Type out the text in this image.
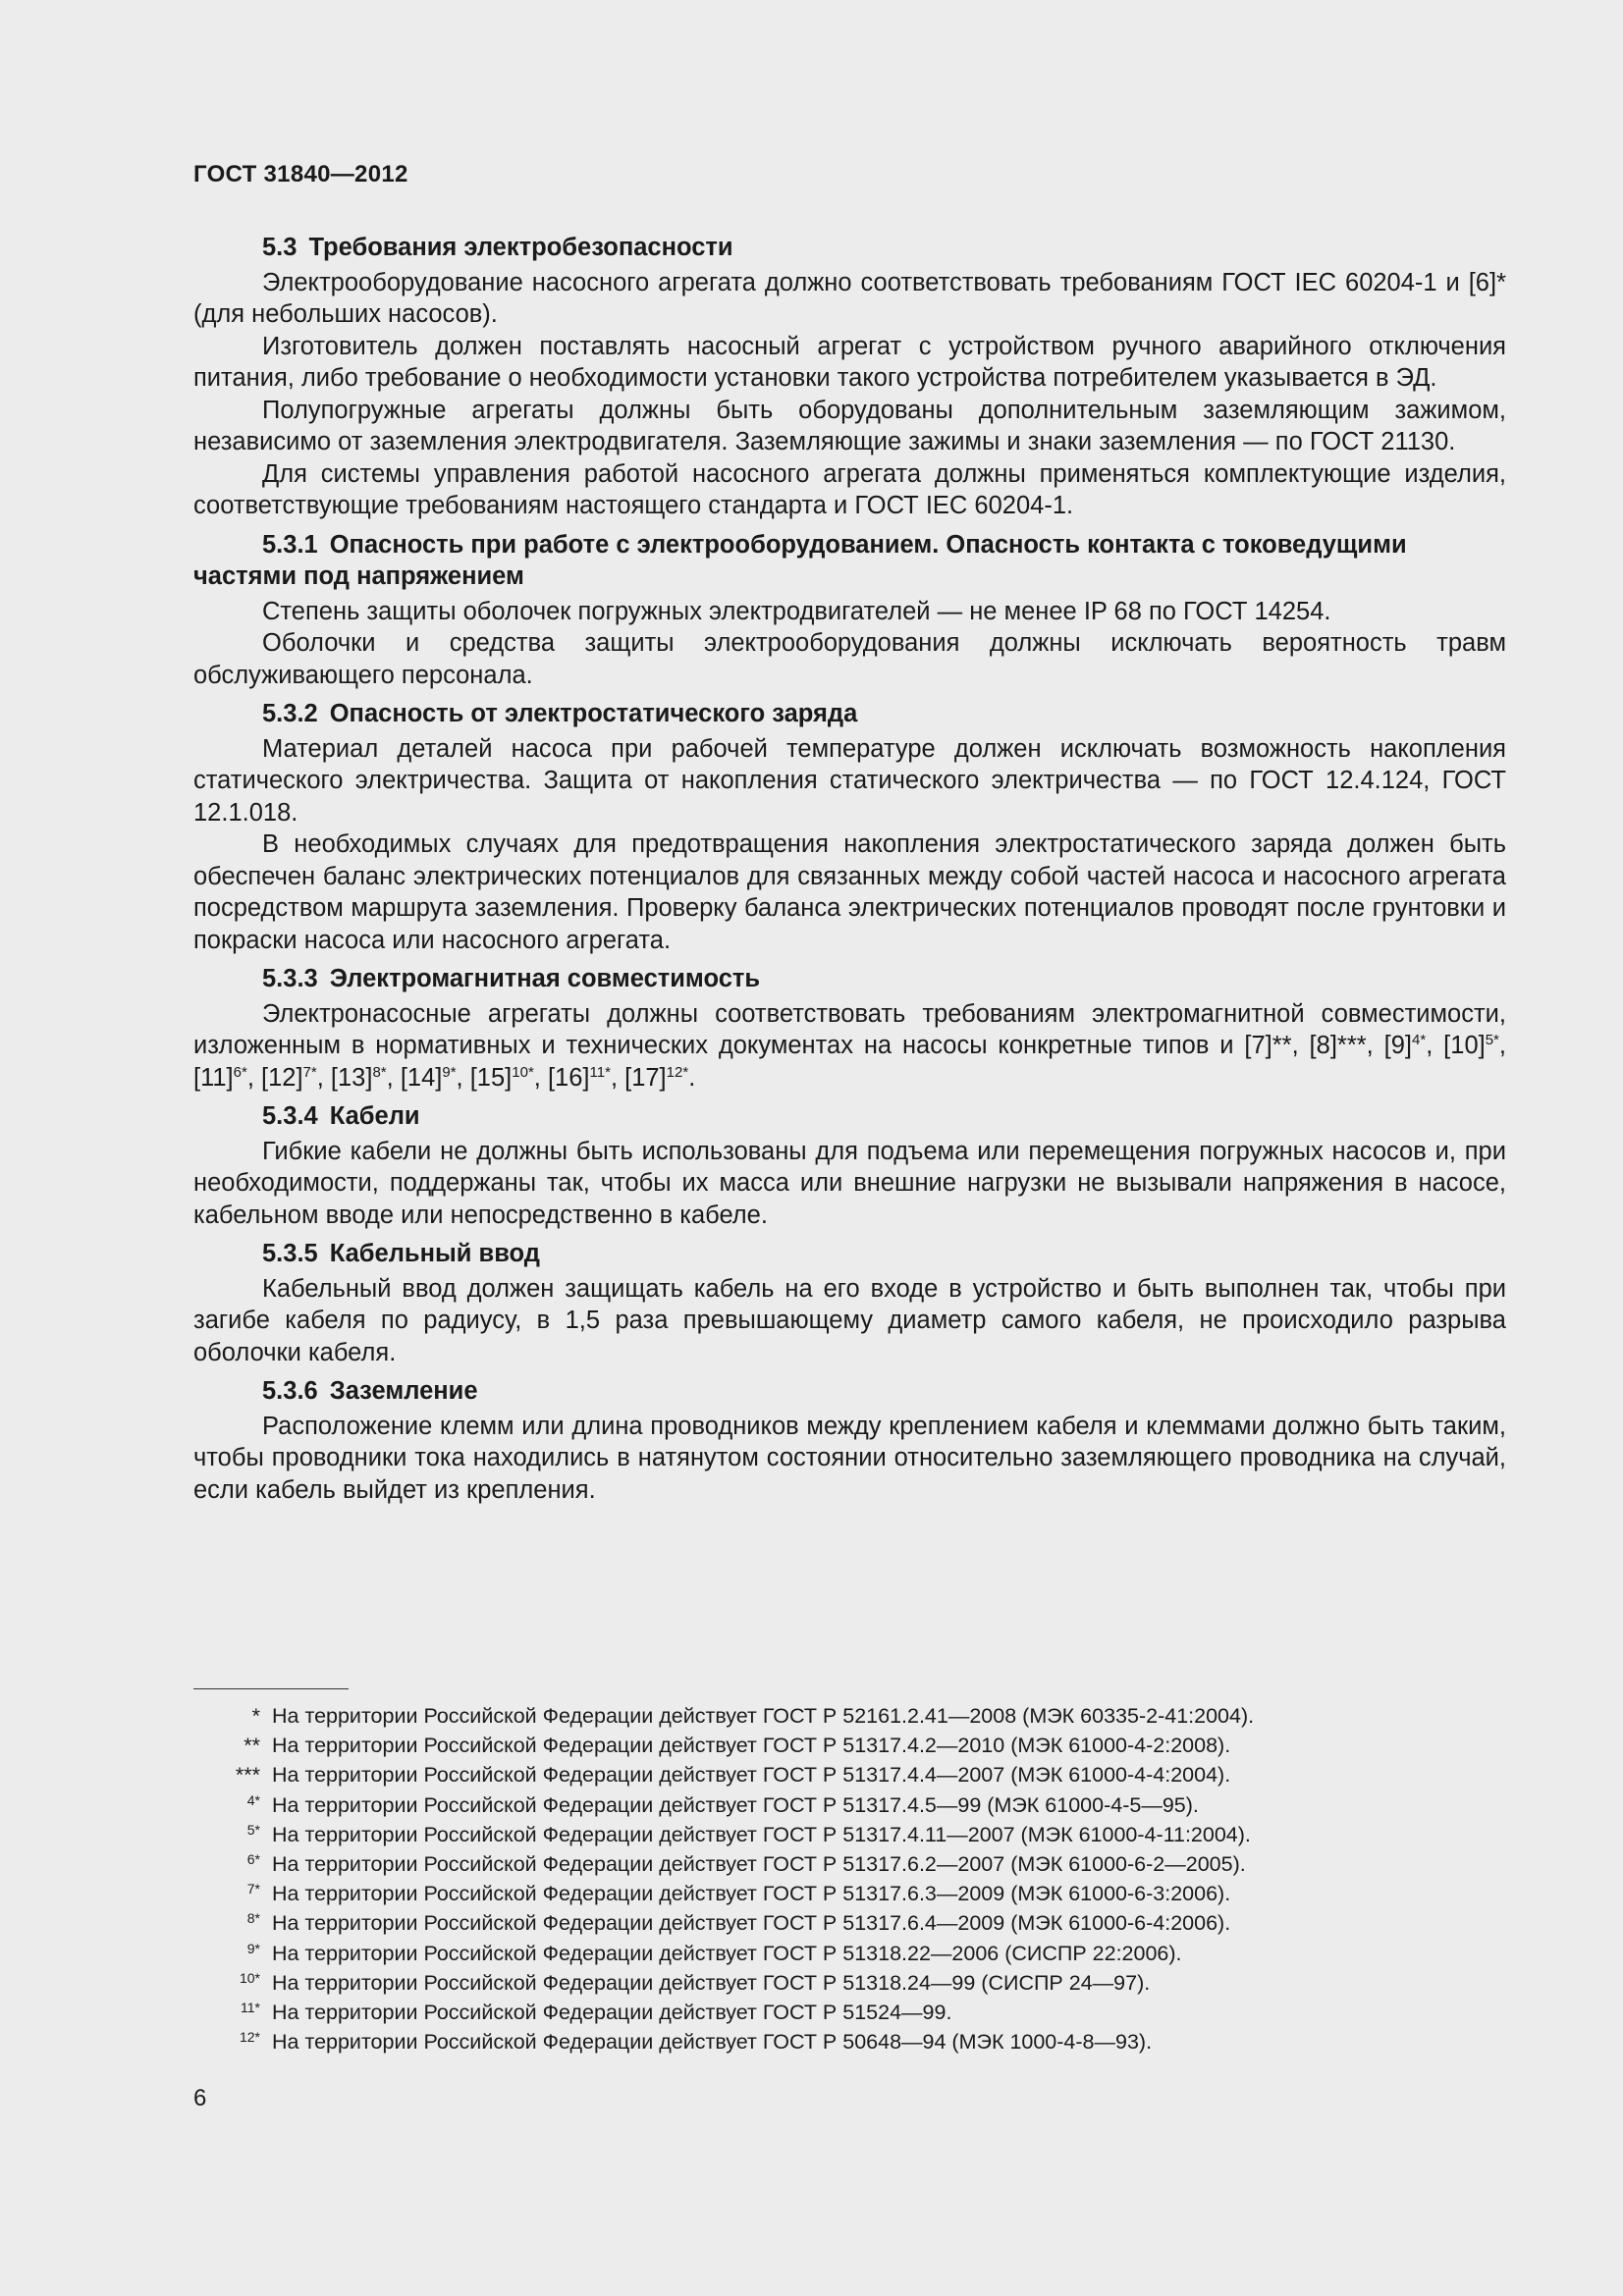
ГОСТ 31840—2012
5.3 Требования электробезопасности

Электрооборудование насосного агрегата должно соответствовать требованиям ГОСТ IEC 60204-1 и [6]* (для небольших насосов).

Изготовитель должен поставлять насосный агрегат с устройством ручного аварийного отключения питания, либо требование о необходимости установки такого устройства потребителем указывается в ЭД.

Полупогружные агрегаты должны быть оборудованы дополнительным заземляющим зажимом, независимо от заземления электродвигателя. Заземляющие зажимы и знаки заземления — по ГОСТ 21130.

Для системы управления работой насосного агрегата должны применяться комплектующие изделия, соответствующие требованиям настоящего стандарта и ГОСТ IEC 60204-1.

5.3.1 Опасность при работе с электрооборудованием. Опасность контакта с токоведущими частями под напряжением

Степень защиты оболочек погружных электродвигателей — не менее IP 68 по ГОСТ 14254.

Оболочки и средства защиты электрооборудования должны исключать вероятность травм обслуживающего персонала.

5.3.2 Опасность от электростатического заряда

Материал деталей насоса при рабочей температуре должен исключать возможность накопления статического электричества. Защита от накопления статического электричества — по ГОСТ 12.4.124, ГОСТ 12.1.018.

В необходимых случаях для предотвращения накопления электростатического заряда должен быть обеспечен баланс электрических потенциалов для связанных между собой частей насоса и насосного агрегата посредством маршрута заземления. Проверку баланса электрических потенциалов проводят после грунтовки и покраски насоса или насосного агрегата.

5.3.3 Электромагнитная совместимость

Электронасосные агрегаты должны соответствовать требованиям электромагнитной совместимости, изложенным в нормативных и технических документах на насосы конкретные типов и [7]**, [8]***, $[9]^{4*}$, $[10]^{5*}$, $[11]^{6*}$, $[12]^{7*}$, $[13]^{8*}$, $[14]^{9*}$, $[15]^{10*}$, $[16]^{11*}$, $[17]^{12*}$.

5.3.4 Кабели

Гибкие кабели не должны быть использованы для подъема или перемещения погружных насосов и, при необходимости, поддержаны так, чтобы их масса или внешние нагрузки не вызывали напряжения в насосе, кабельном вводе или непосредственно в кабеле.

5.3.5 Кабельный ввод

Кабельный ввод должен защищать кабель на его входе в устройство и быть выполнен так, чтобы при загибе кабеля по радиусу, в 1,5 раза превышающему диаметр самого кабеля, не происходило разрыва оболочки кабеля.

5.3.6 Заземление

Расположение клемм или длина проводников между креплением кабеля и клеммами должно быть таким, чтобы проводники тока находились в натянутом состоянии относительно заземляющего проводника на случай, если кабель выйдет из крепления.

* На территории Российской Федерации действует ГОСТ Р 52161.2.41—2008 (МЭК 60335-2-41:2004).
** На территории Российской Федерации действует ГОСТ Р 51317.4.2—2010 (МЭК 61000-4-2:2008).
*** На территории Российской Федерации действует ГОСТ Р 51317.4.4—2007 (МЭК 61000-4-4:2004).
$^{4*}$ На территории Российской Федерации действует ГОСТ Р 51317.4.5—99 (МЭК 61000-4-5—95).
$^{5*}$ На территории Российской Федерации действует ГОСТ Р 51317.4.11—2007 (МЭК 61000-4-11:2004).
$^{6*}$ На территории Российской Федерации действует ГОСТ Р 51317.6.2—2007 (МЭК 61000-6-2—2005).
$^{7*}$ На территории Российской Федерации действует ГОСТ Р 51317.6.3—2009 (МЭК 61000-6-3:2006).
$^{8*}$ На территории Российской Федерации действует ГОСТ Р 51317.6.4—2009 (МЭК 61000-6-4:2006).
$^{9*}$ На территории Российской Федерации действует ГОСТ Р 51318.22—2006 (СИСПР 22:2006).
$^{10*}$ На территории Российской Федерации действует ГОСТ Р 51318.24—99 (СИСПР 24—97).
$^{11*}$ На территории Российской Федерации действует ГОСТ Р 51524—99.
$^{12*}$ На территории Российской Федерации действует ГОСТ Р 50648—94 (МЭК 1000-4-8—93).
6
